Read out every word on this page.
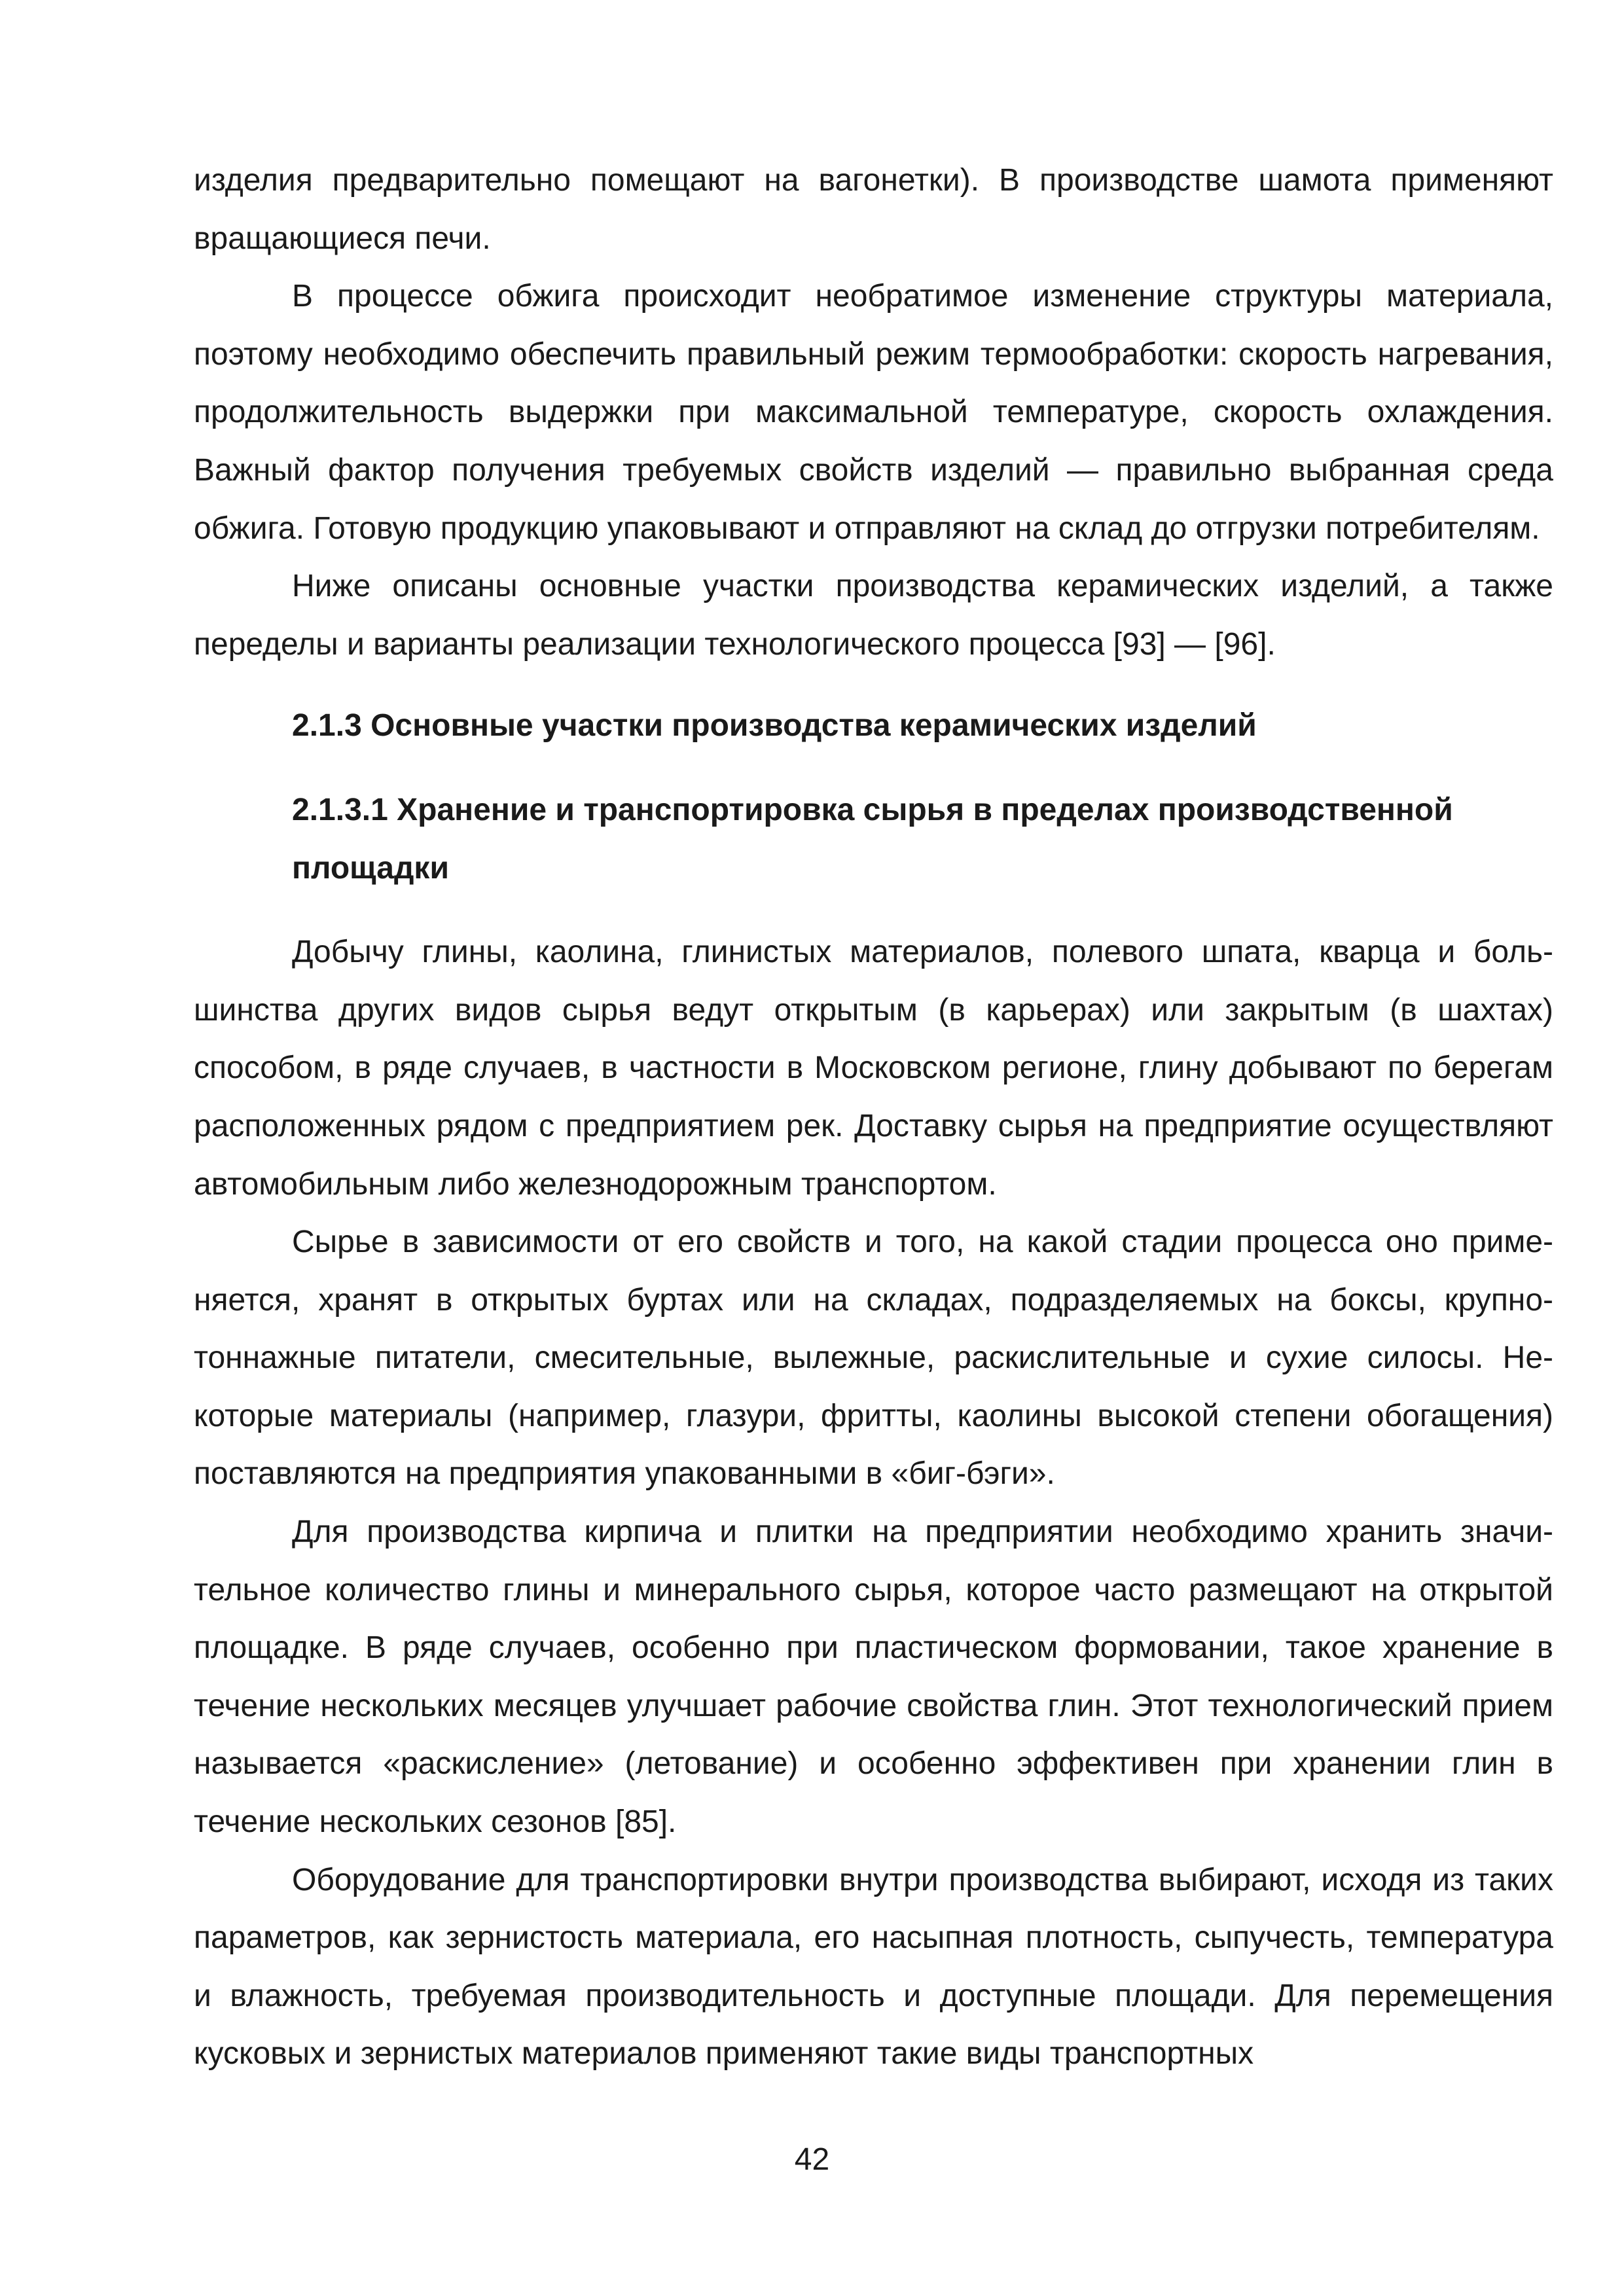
изделия предварительно помещают на вагонетки). В производстве шамота применяют вращающиеся печи.

В процессе обжига происходит необратимое изменение структуры материала, поэтому необходимо обеспечить правильный режим термообработки: скорость нагревания, продолжительность выдержки при максимальной температуре, скорость охлаждения. Важный фактор получения требуемых свойств изделий — правильно выбранная среда обжига. Готовую продукцию упаковывают и отправляют на склад до отгрузки потребителям.

Ниже описаны основные участки производства керамических изделий, а также переделы и варианты реализации технологического процесса [93] — [96].

2.1.3 Основные участки производства керамических изделий
2.1.3.1 Хранение и транспортировка сырья в пределах производственной площадки

Добычу глины, каолина, глинистых материалов, полевого шпата, кварца и большинства других видов сырья ведут открытым (в карьерах) или закрытым (в шахтах) способом, в ряде случаев, в частности в Московском регионе, глину добывают по берегам расположенных рядом с предприятием рек. Доставку сырья на предприятие осуществляют автомобильным либо железнодорожным транспортом.

Сырье в зависимости от его свойств и того, на какой стадии процесса оно применяется, хранят в открытых буртах или на складах, подразделяемых на боксы, крупнотоннажные питатели, смесительные, вылежные, раскислительные и сухие силосы. Некоторые материалы (например, глазури, фритты, каолины высокой степени обогащения) поставляются на предприятия упакованными в «биг-бэги».

Для производства кирпича и плитки на предприятии необходимо хранить значительное количество глины и минерального сырья, которое часто размещают на открытой площадке. В ряде случаев, особенно при пластическом формовании, такое хранение в течение нескольких месяцев улучшает рабочие свойства глин. Этот технологический прием называется «раскисление» (летование) и особенно эффективен при хранении глин в течение нескольких сезонов [85].

Оборудование для транспортировки внутри производства выбирают, исходя из таких параметров, как зернистость материала, его насыпная плотность, сыпучесть, температура и влажность, требуемая производительность и доступные площади. Для перемещения кусковых и зернистых материалов применяют такие виды транспортных

42
